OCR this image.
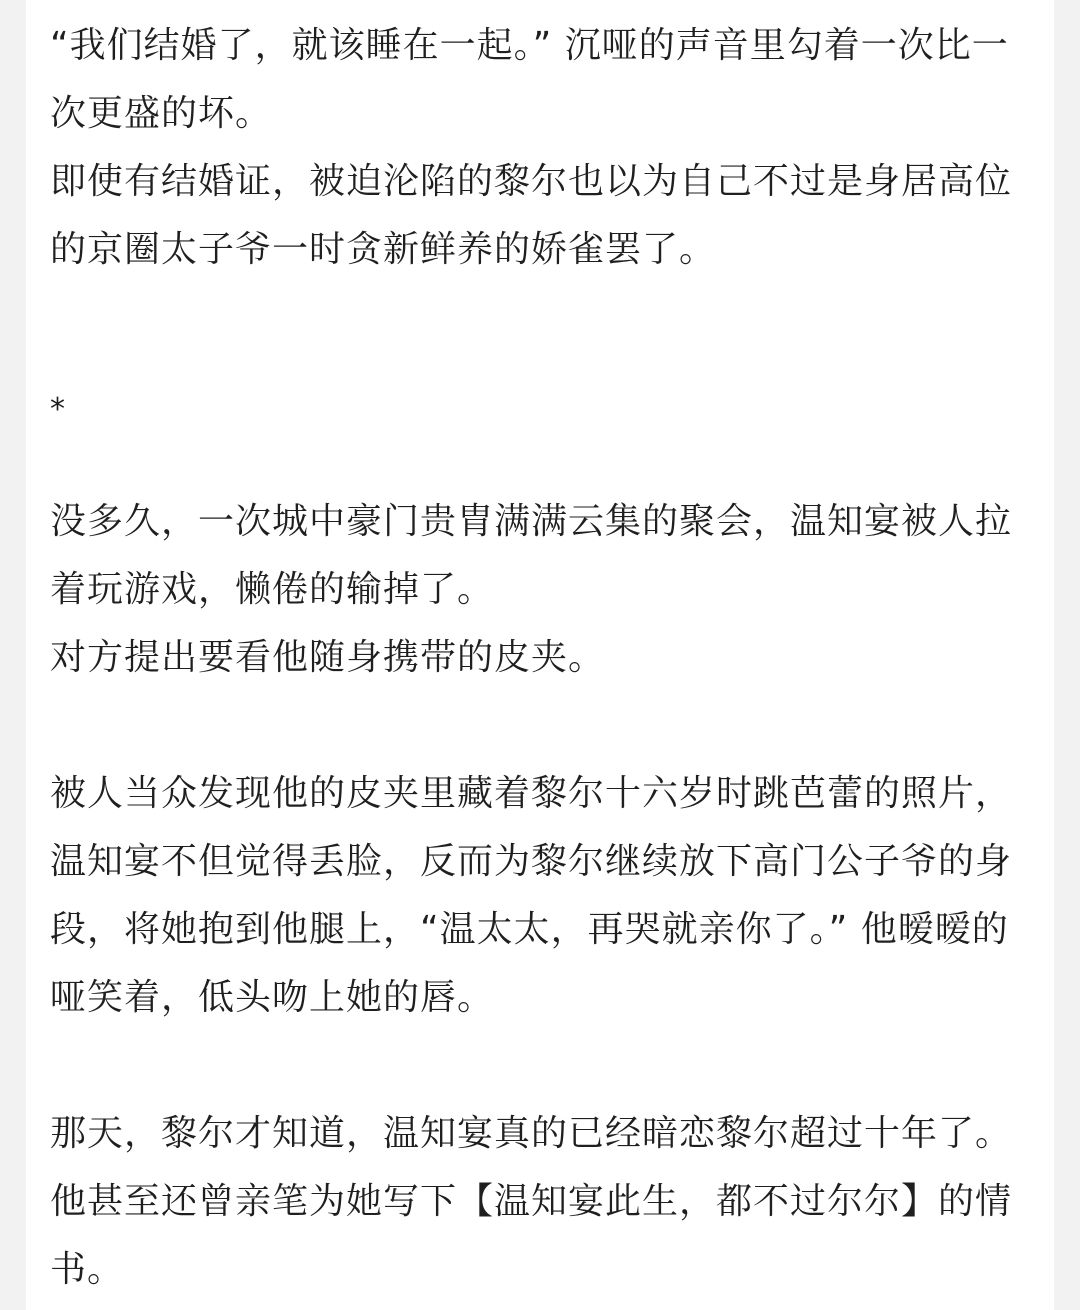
“我们结婚了，就该睡在一起。” 沉哑的声音里勾着一次比一次更盛的坏。

即使有结婚证，被迫沦陷的黎尔也以为自己不过是身居高位的京圈太子爷一时贪新鲜养的娇雀罢了。

*

没多久，一次城中豪门贵胄满满云集的聚会，温知宴被人拉着玩游戏，懒倦的输掉了。

对方提出要看他随身携带的皮夹。

被人当众发现他的皮夹里藏着黎尔十六岁时跳芭蕾的照片，温知宴不但觉得丢脸，反而为黎尔继续放下高门公子爷的身段，将她抱到他腿上，“温太太，再哭就亲你了。” 他暧暧的哑笑着，低头吻上她的唇。

那天，黎尔才知道，温知宴真的已经暗恋黎尔超过十年了。

他甚至还曾亲笔为她写下【温知宴此生，都不过尔尔】的情书。
